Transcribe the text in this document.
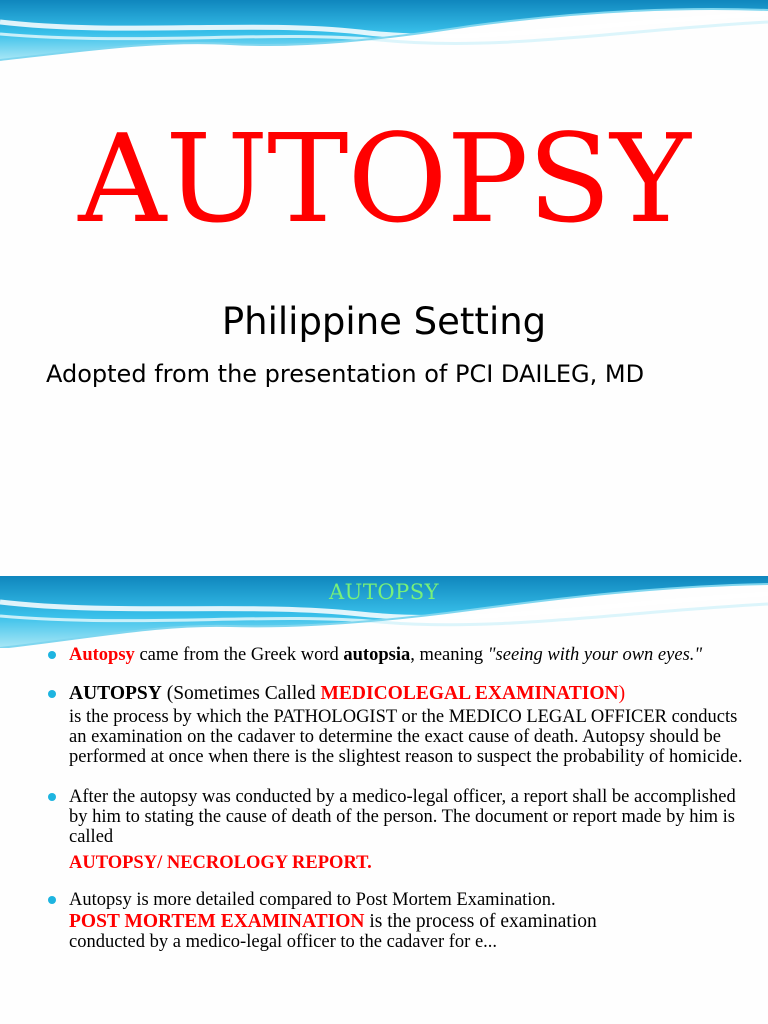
AUTOPSY
Philippine Setting
Adopted from the presentation of PCI DAILEG, MD
AUTOPSY
Autopsy came from the Greek word autopsia, meaning "seeing with your own eyes."
AUTOPSY (Sometimes Called MEDICOLEGAL EXAMINATION)
is the process by which the PATHOLOGIST or the MEDICO LEGAL OFFICER conducts an examination on the cadaver to determine the exact cause of death. Autopsy should be performed at once when there is the slightest reason to suspect the probability of homicide.
After the autopsy was conducted by a medico-legal officer, a report shall be accomplished by him to stating the cause of death of the person. The document or report made by him is called
AUTOPSY/ NECROLOGY REPORT.
Autopsy is more detailed compared to Post Mortem Examination.
POST MORTEM EXAMINATION is the process of examination
conducted by a medico-legal officer to the cadaver for e...
